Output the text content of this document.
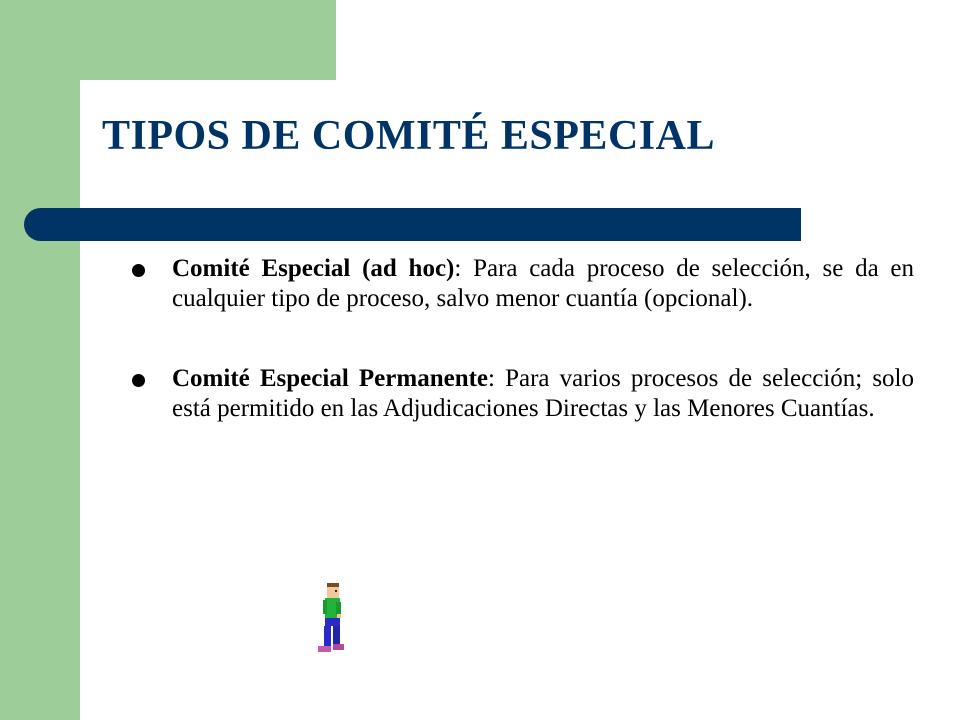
TIPOS DE COMITÉ ESPECIAL
Comité Especial (ad hoc): Para cada proceso de selección, se da en cualquier tipo de proceso, salvo menor cuantía (opcional).
Comité Especial Permanente: Para varios procesos de selección; solo está permitido en las Adjudicaciones Directas y las Menores Cuantías.
